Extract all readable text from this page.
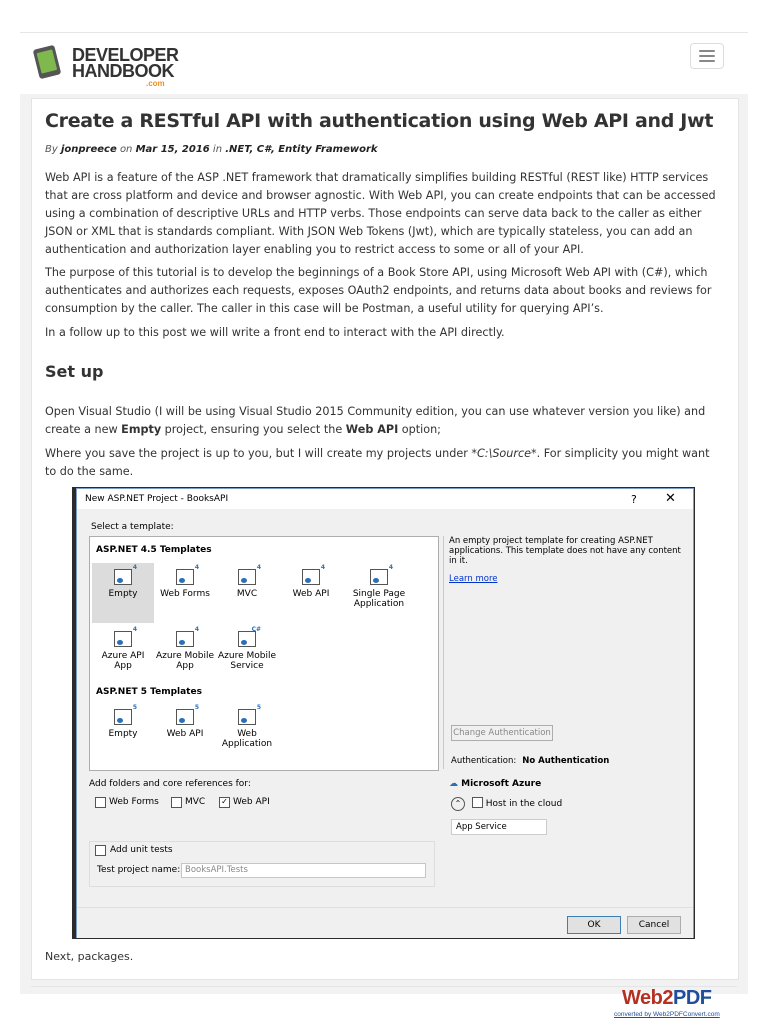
DEVELOPER
HANDBOOK
.com
Create a RESTful API with authentication using Web API and Jwt
By jonpreece on Mar 15, 2016 in .NET, C#, Entity Framework

Web API is a feature of the ASP .NET framework that dramatically simplifies building RESTful (REST like) HTTP services that are cross platform and device and browser agnostic. With Web API, you can create endpoints that can be accessed using a combination of descriptive URLs and HTTP verbs. Those endpoints can serve data back to the caller as either JSON or XML that is standards compliant. With JSON Web Tokens (Jwt), which are typically stateless, you can add an authentication and authorization layer enabling you to restrict access to some or all of your API.

The purpose of this tutorial is to develop the beginnings of a Book Store API, using Microsoft Web API with (C#), which authenticates and authorizes each requests, exposes OAuth2 endpoints, and returns data about books and reviews for consumption by the caller. The caller in this case will be Postman, a useful utility for querying API’s.

In a follow up to this post we will write a front end to interact with the API directly.

Set up

Open Visual Studio (I will be using Visual Studio 2015 Community edition, you can use whatever version you like) and create a new Empty project, ensuring you select the Web API option;

Where you save the project is up to you, but I will create my projects under *C:\Source*. For simplicity you might want to do the same.

New ASP.NET Project - BooksAPI	? ✕
Select a template:
ASP.NET 4.5 Templates
4
Empty
4
Web Forms
4
MVC
4
Web API
4
Single Page Application
4
Azure API App
4
Azure Mobile App
C#
Azure Mobile Service
ASP.NET 5 Templates
5
Empty
5
Web API
5
Web Application
An empty project template for creating ASP.NET applications. This template does not have any content in it.
Learn more
Change Authentication
Authentication: No Authentication
Add folders and core references for:
Web Forms	MVC ✓ Web API
☁ Microsoft Azure
⌃	Host in the cloud
App Service
Add unit tests
Test project name: BooksAPI.Tests
OK	Cancel
Next, packages.
Web2PDF
converted by Web2PDFConvert.com
